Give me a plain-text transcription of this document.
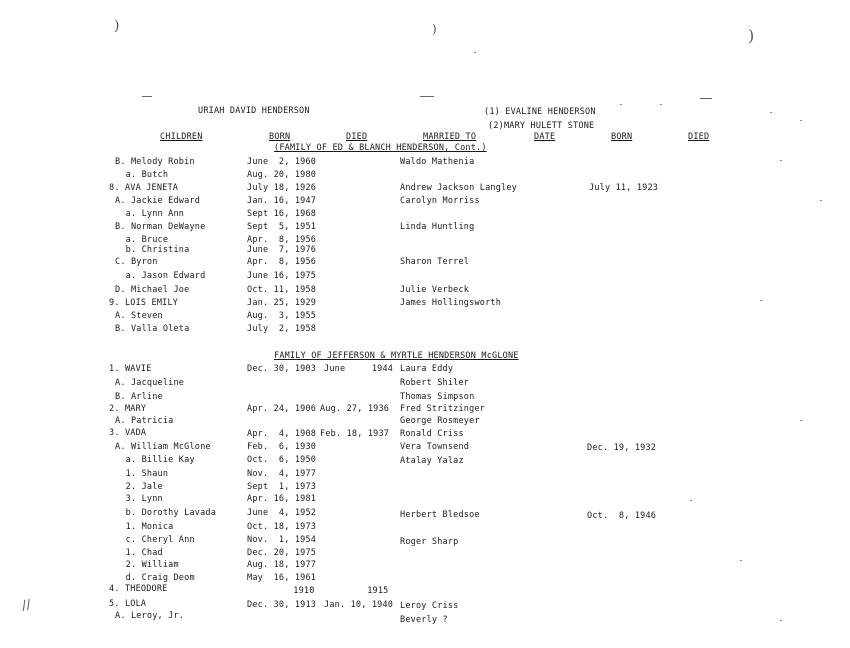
)	)	)
//
URIAH DAVID HENDERSON	(1) EVALINE HENDERSON
(2)MARY HULETT STONE
CHILDREN	BORN	DIED	MARRIED TO	DATE	BORN	DIED
(FAMILY OF ED & BLANCH HENDERSON, Cont.)
B. Melody Robin	June  2, 1960	Waldo Mathenia
a. Butch	Aug. 20, 1980
8. AVA JENETA	July 18, 1926	Andrew Jackson Langley	July 11, 1923
A. Jackie Edward	Jan. 16, 1947	Carolyn Morriss
a. Lynn Ann	Sept 16, 1968
B. Norman DeWayne	Sept  5, 1951	Linda Huntling
a. Bruce	Apr.  8, 1956
b. Christina	June  7, 1976
C. Byron	Apr.  8, 1956	Sharon Terrel
a. Jason Edward	June 16, 1975
D. Michael Joe	Oct. 11, 1958	Julie Verbeck
9. LOIS EMILY	Jan. 25, 1929	James Hollingsworth
A. Steven	Aug.  3, 1955
B. Valla Oleta	July  2, 1958
FAMILY OF JEFFERSON & MYRTLE HENDERSON McGLONE
1. WAVIE	Dec. 30, 1903 June     1944 Laura Eddy
A. Jacqueline	Robert Shiler
B. Arline	Thomas Simpson
2. MARY	Apr. 24, 1906 Aug. 27, 1936 Fred Stritzinger
A. Patricia	George Rosmeyer
3. VADA	Apr.  4, 1908 Feb. 18, 1937 Ronald Criss
A. William McGlone	Feb.  6, 1930	Vera Townsend	Dec. 19, 1932
a. Billie Kay	Oct.  6, 1950	Atalay Yalaz
1. Shaun	Nov.  4, 1977
2. Jale	Sept  1, 1973
3. Lynn	Apr. 16, 1981
b. Dorothy Lavada	June  4, 1952	Herbert Bledsoe	Oct.  8, 1946
1. Monica	Oct. 18, 1973
c. Cheryl Ann	Nov.  1, 1954	Roger Sharp
1. Chad	Dec. 20, 1975
2. William	Aug. 18, 1977
d. Craig Deom	May  16, 1961
4. THEODORE	1910 1915
5. LOLA	Dec. 30, 1913 Jan. 10, 1940 Leroy Criss
A. Leroy, Jr.	Beverly ?
